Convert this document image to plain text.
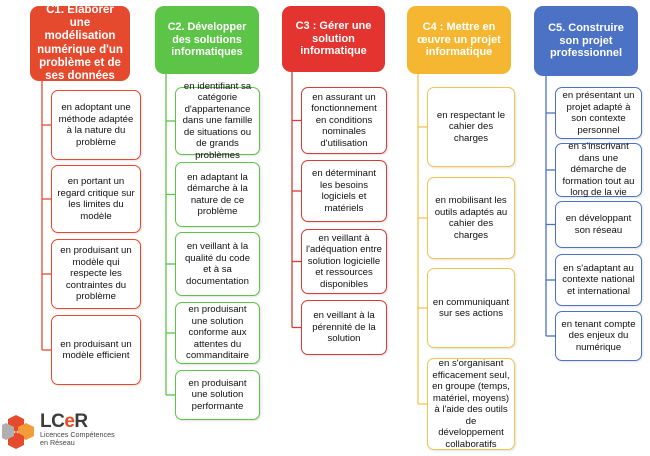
C1. Elaborer une modélisation numérique d'un problème et de ses données
C2. Développer des solutions informatiques
C3 : Gérer une solution informatique
C4 : Mettre en œuvre un projet informatique
C5. Construire son projet professionnel
en adoptant une méthode adaptée à la nature du problème
en portant un regard critique sur les limites du modèle
en produisant un modèle qui respecte les contraintes du problème
en produisant un modèle efficient
en identifiant sa catégorie d'appartenance dans une famille de situations ou de grands problèmes
en adaptant la démarche à la nature de ce problème
en veillant à la qualité du code et à sa documentation
en produisant une solution conforme aux attentes du commanditaire
en produisant une solution performante
en assurant un fonctionnement en conditions nominales d'utilisation
en déterminant les besoins logiciels et matériels
en veillant à l'adéquation entre solution logicielle et ressources disponibles
en veillant à la pérennité de la solution
en respectant le cahier des charges
en mobilisant les outils adaptés au cahier des charges
en communiquant sur ses actions
en s'organisant efficacement seul, en groupe (temps, matériel, moyens) à l'aide des outils de développement collaboratifs
en présentant un projet adapté à son contexte personnel
en s'inscrivant dans une démarche de formation tout au long de la vie
en développant son réseau
en s'adaptant au contexte national et international
en tenant compte des enjeux du numérique
LCeR
Licences Compétences
en Réseau
